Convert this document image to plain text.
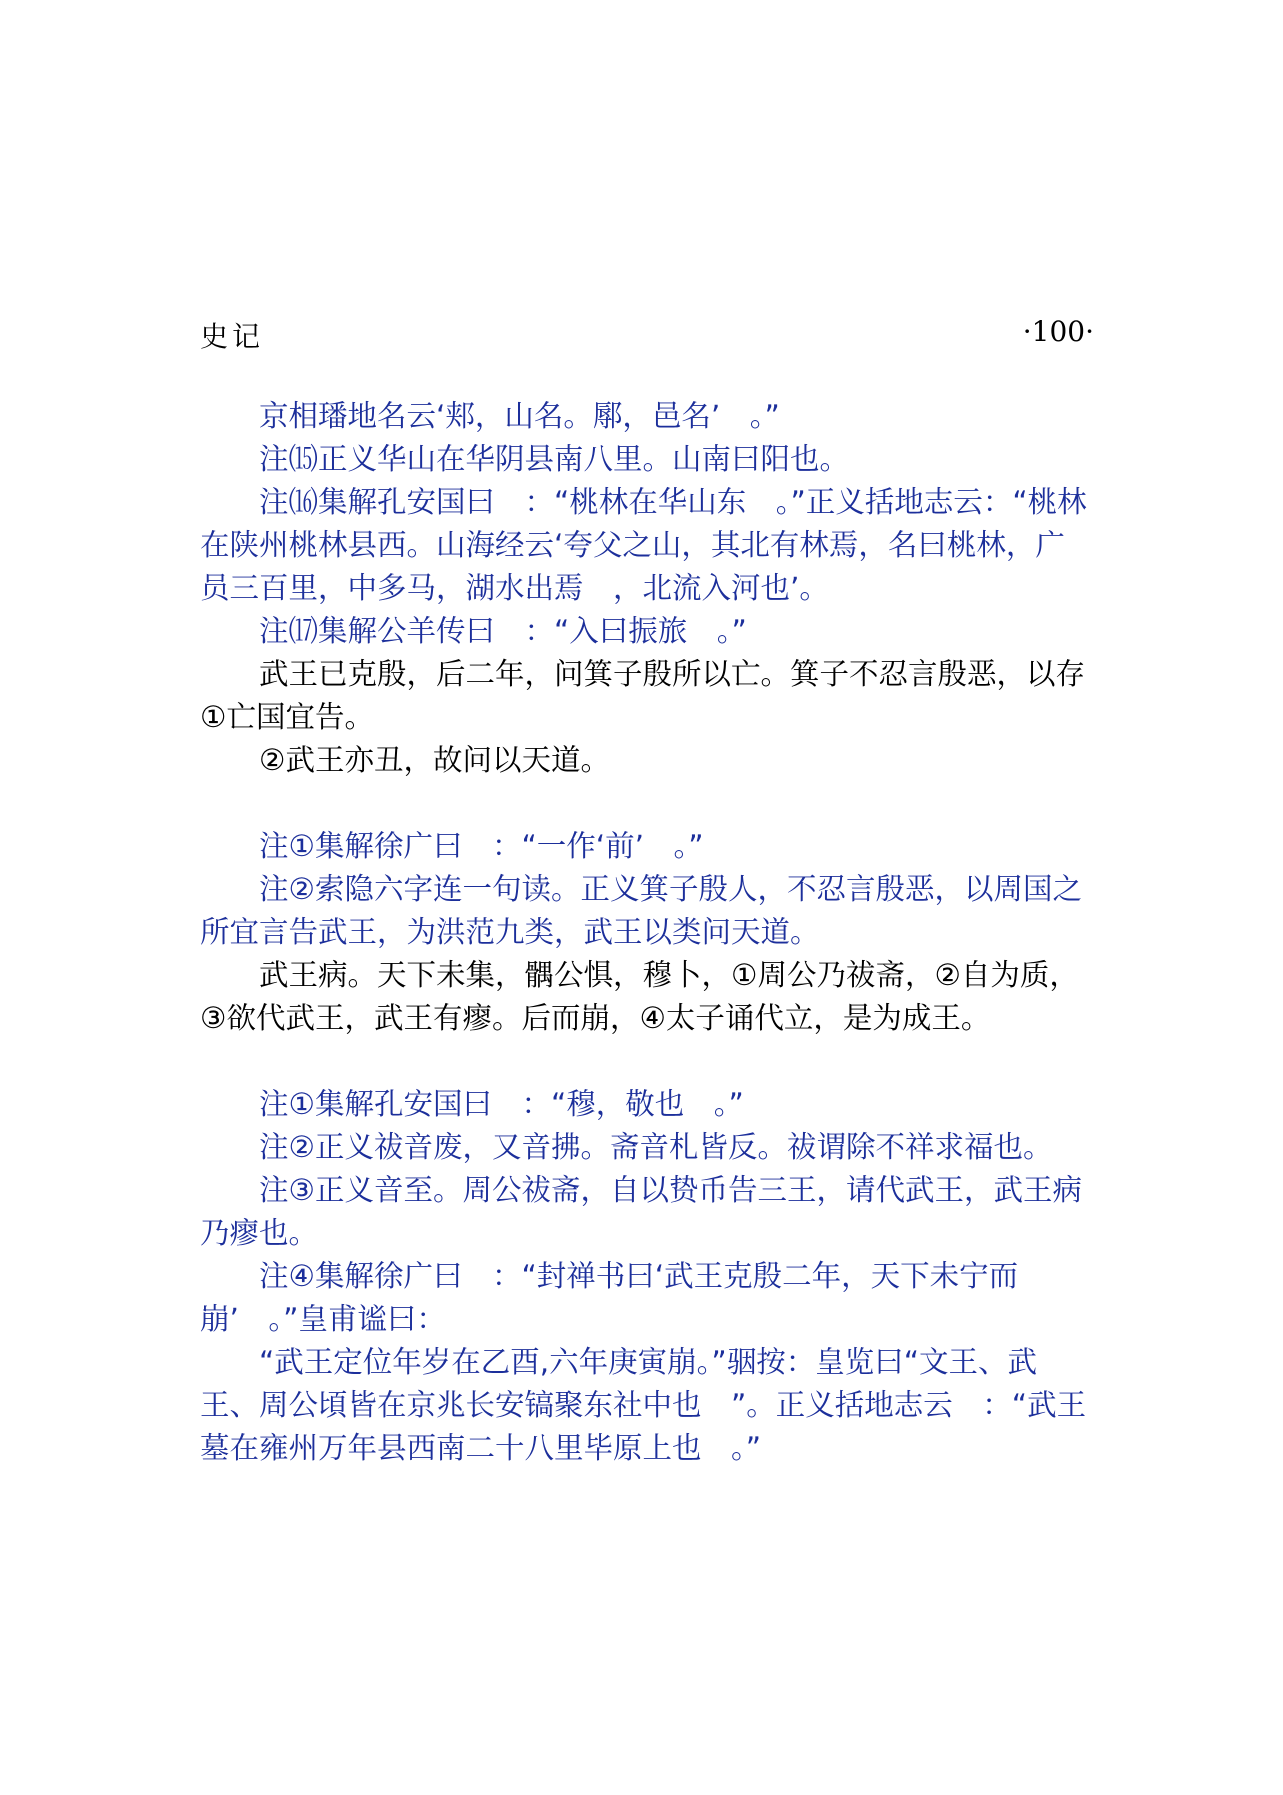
史记	·100·

京相璠地名云‘郏，山名。鄏，邑名’　。”

注⒂正义华山在华阴县南八里。山南曰阳也。

注⒃集解孔安国曰　：“桃林在华山东　。”正义括地志云：“桃林在陕州桃林县西。山海经云‘夸父之山，其北有林焉，名曰桃林，广员三百里，中多马，湖水出焉　，北流入河也’。

注⒄集解公羊传曰　：“入曰振旅　。”

武王已克殷，后二年，问箕子殷所以亡。箕子不忍言殷恶，以存①亡国宜告。

②武王亦丑，故问以天道。

注①集解徐广曰　：“一作‘前’　。”

注②索隐六字连一句读。正义箕子殷人，不忍言殷恶，以周国之所宜言告武王，为洪范九类，武王以类问天道。

武王病。天下未集，髃公惧，穆卜，①周公乃祓斋，②自为质，③欲代武王，武王有瘳。后而崩，④太子诵代立，是为成王。

注①集解孔安国曰　：“穆，敬也　。”

注②正义祓音废，又音拂。斋音札皆反。祓谓除不祥求福也。

注③正义音至。周公祓斋，自以贽币告三王，请代武王，武王病乃瘳也。

注④集解徐广曰　：“封禅书曰‘武王克殷二年，天下未宁而崩’　。”皇甫谧曰：

“武王定位年岁在乙酉,六年庚寅崩。”骃按：皇览曰“文王、武王、周公頃皆在京兆长安镐聚东社中也　”。正义括地志云　：“武王墓在雍州万年县西南二十八里毕原上也　。”
